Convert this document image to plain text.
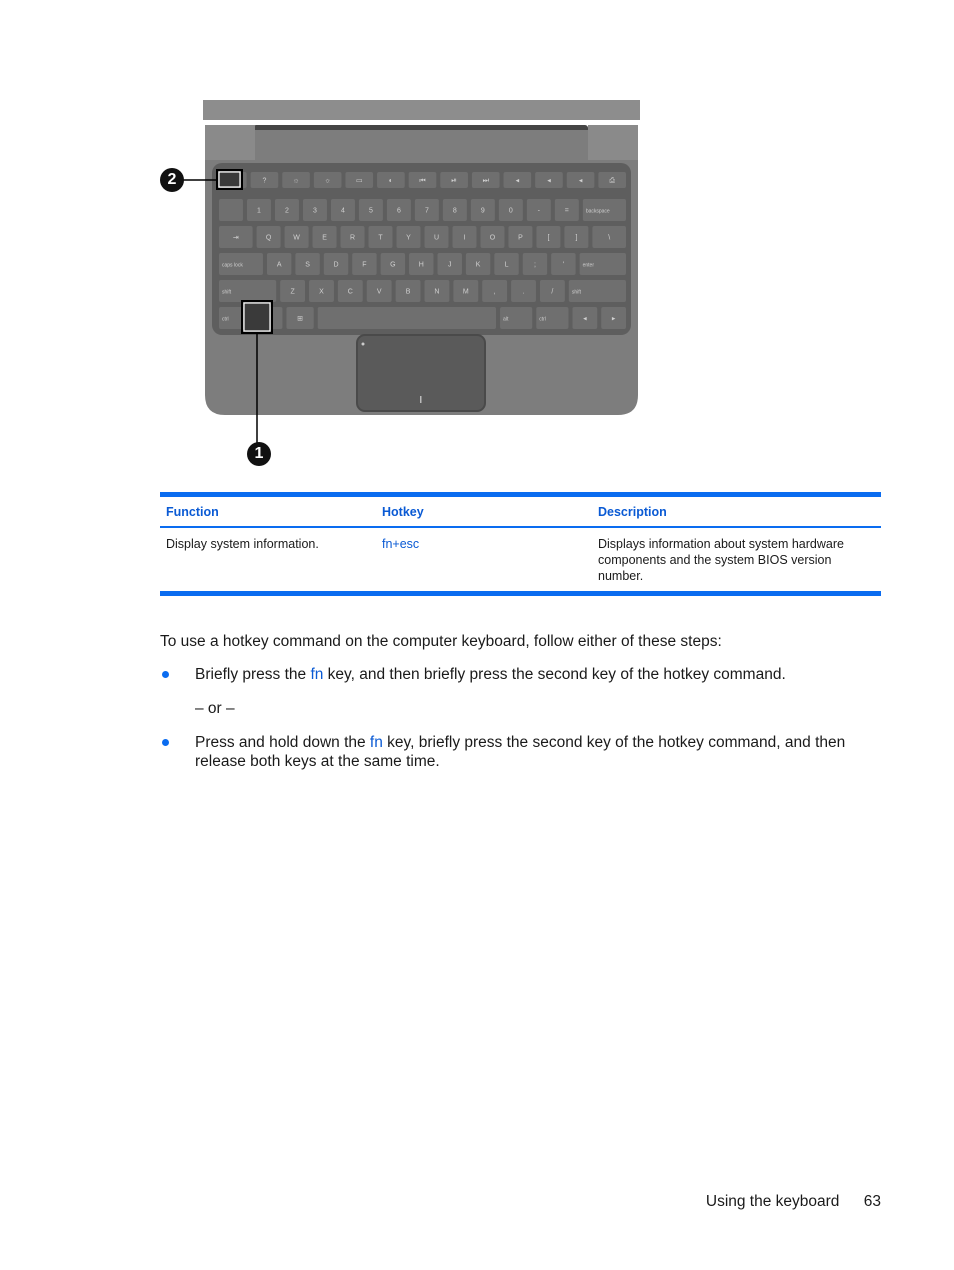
?	☼	☼	▭	◐	⏮	⏯	⏭	◂	◂	◂	⎙
1	2	3	4	5	6	7	8	9	0	-	=	backspace
⇥	Q	W	E	R	T	Y	U	I	O	P	[	]	\
caps lock	A	S	D	F	G	H	J	K	L	;	'	enter
shift	Z	X	C	V	B	N	M	,	.	/	shift
ctrl	⊞	alt	ctrl	◂	▸
2
1
Function	Hotkey	Description
Display system information.	fn+esc	Displays information about system hardware components and the system BIOS version number.
To use a hotkey command on the computer keyboard, follow either of these steps:
Briefly press the fn key, and then briefly press the second key of the hotkey command.
– or –
Press and hold down the fn key, briefly press the second key of the hotkey command, and then
release both keys at the same time.
Using the keyboard 63
